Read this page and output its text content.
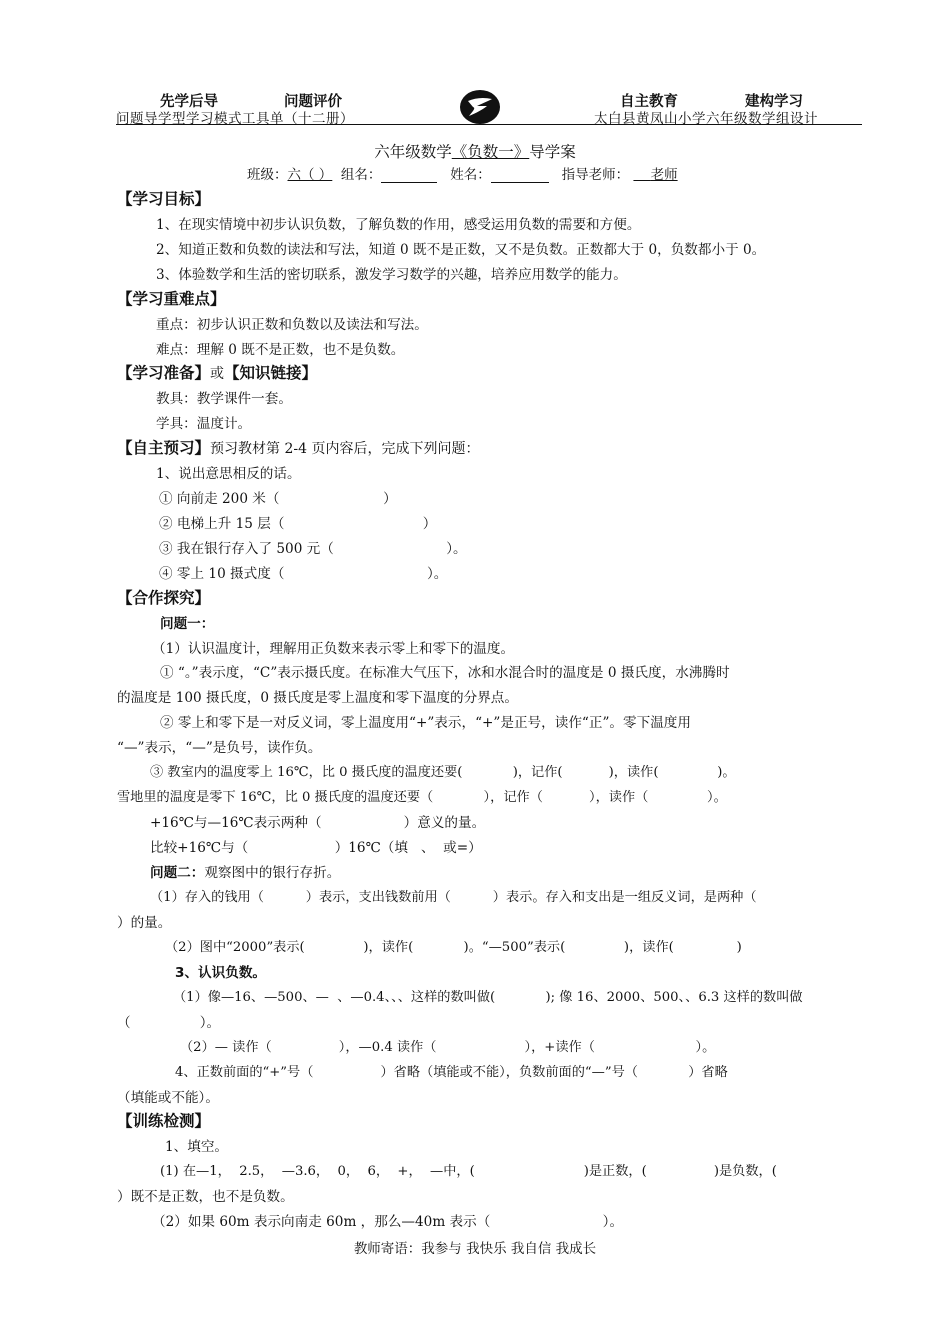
先学后导	问题评价	自主教育	建构学习
问题导学型学习模式工具单（十二册）	太白县黄凤山小学六年级数学组设计
六年级数学《负数一》导学案
班级：六（ ） 组名：	姓名：	指导老师： 老师
【学习目标】
1、在现实情境中初步认识负数，了解负数的作用，感受运用负数的需要和方便。
2、知道正数和负数的读法和写法，知道 0 既不是正数，又不是负数。正数都大于 0，负数都小于 0。
3、体验数学和生活的密切联系，激发学习数学的兴趣，培养应用数学的能力。
【学习重难点】
重点：初步认识正数和负数以及读法和写法。
难点：理解 0 既不是正数，也不是负数。
【学习准备】或【知识链接】
教具：教学课件一套。
学具：温度计。
【自主预习】预习教材第 2-4 页内容后，完成下列问题：
1、说出意思相反的话。
① 向前走 200 米（                        ）
② 电梯上升 15 层（                                ）
③ 我在银行存入了 500 元（                          ）。
④ 零上 10 摄式度（                                 ）。
【合作探究】
问题一：
（1）认识温度计，理解用正负数来表示零上和零下的温度。
① “。”表示度，“C”表示摄氏度。在标准大气压下，冰和水混合时的温度是 0 摄氏度，水沸腾时
的温度是 100 摄氏度，0 摄氏度是零上温度和零下温度的分界点。
② 零上和零下是一对反义词，零上温度用“+”表示，“+”是正号，读作“正”。零下温度用
“—”表示，“—”是负号，读作负。
③ 教室内的温度零上 16℃，比 0 摄氏度的温度还要(            )，记作(           )，读作(              )。
雪地里的温度是零下 16℃，比 0 摄氏度的温度还要（            ），记作（           ），读作（              ）。
+16℃与—16℃表示两种（                   ）意义的量。
比较+16℃与（                    ）16℃（填   、  或=）
问题二：观察图中的银行存折。
（1）存入的钱用（          ）表示，支出钱数前用（          ）表示。存入和支出是一组反义词，是两种（
）的量。
（2）图中“2000”表示(              )，读作(            )。“—500”表示(              )，读作(               )
3、认识负数。
（1）像—16、—500、—  、—0.4、、、这样的数叫做(            ); 像 16、2000、500、、6.3 这样的数叫做
（                ）。
（2）— 读作（                ），—0.4 读作（                     ），+读作（                        ）。
4、正数前面的“+”号（                ）省略（填能或不能），负数前面的“—”号（            ）省略
（填能或不能）。
【训练检测】
1、填空。
(1) 在—1，  2.5，  —3.6，  0，  6，  +，  —中，(                          )是正数，(                )是负数，(
）既不是正数，也不是负数。
（2）如果 60m 表示向南走 60m ，那么—40m 表示（                          ）。
教师寄语：我参与 我快乐 我自信 我成长
